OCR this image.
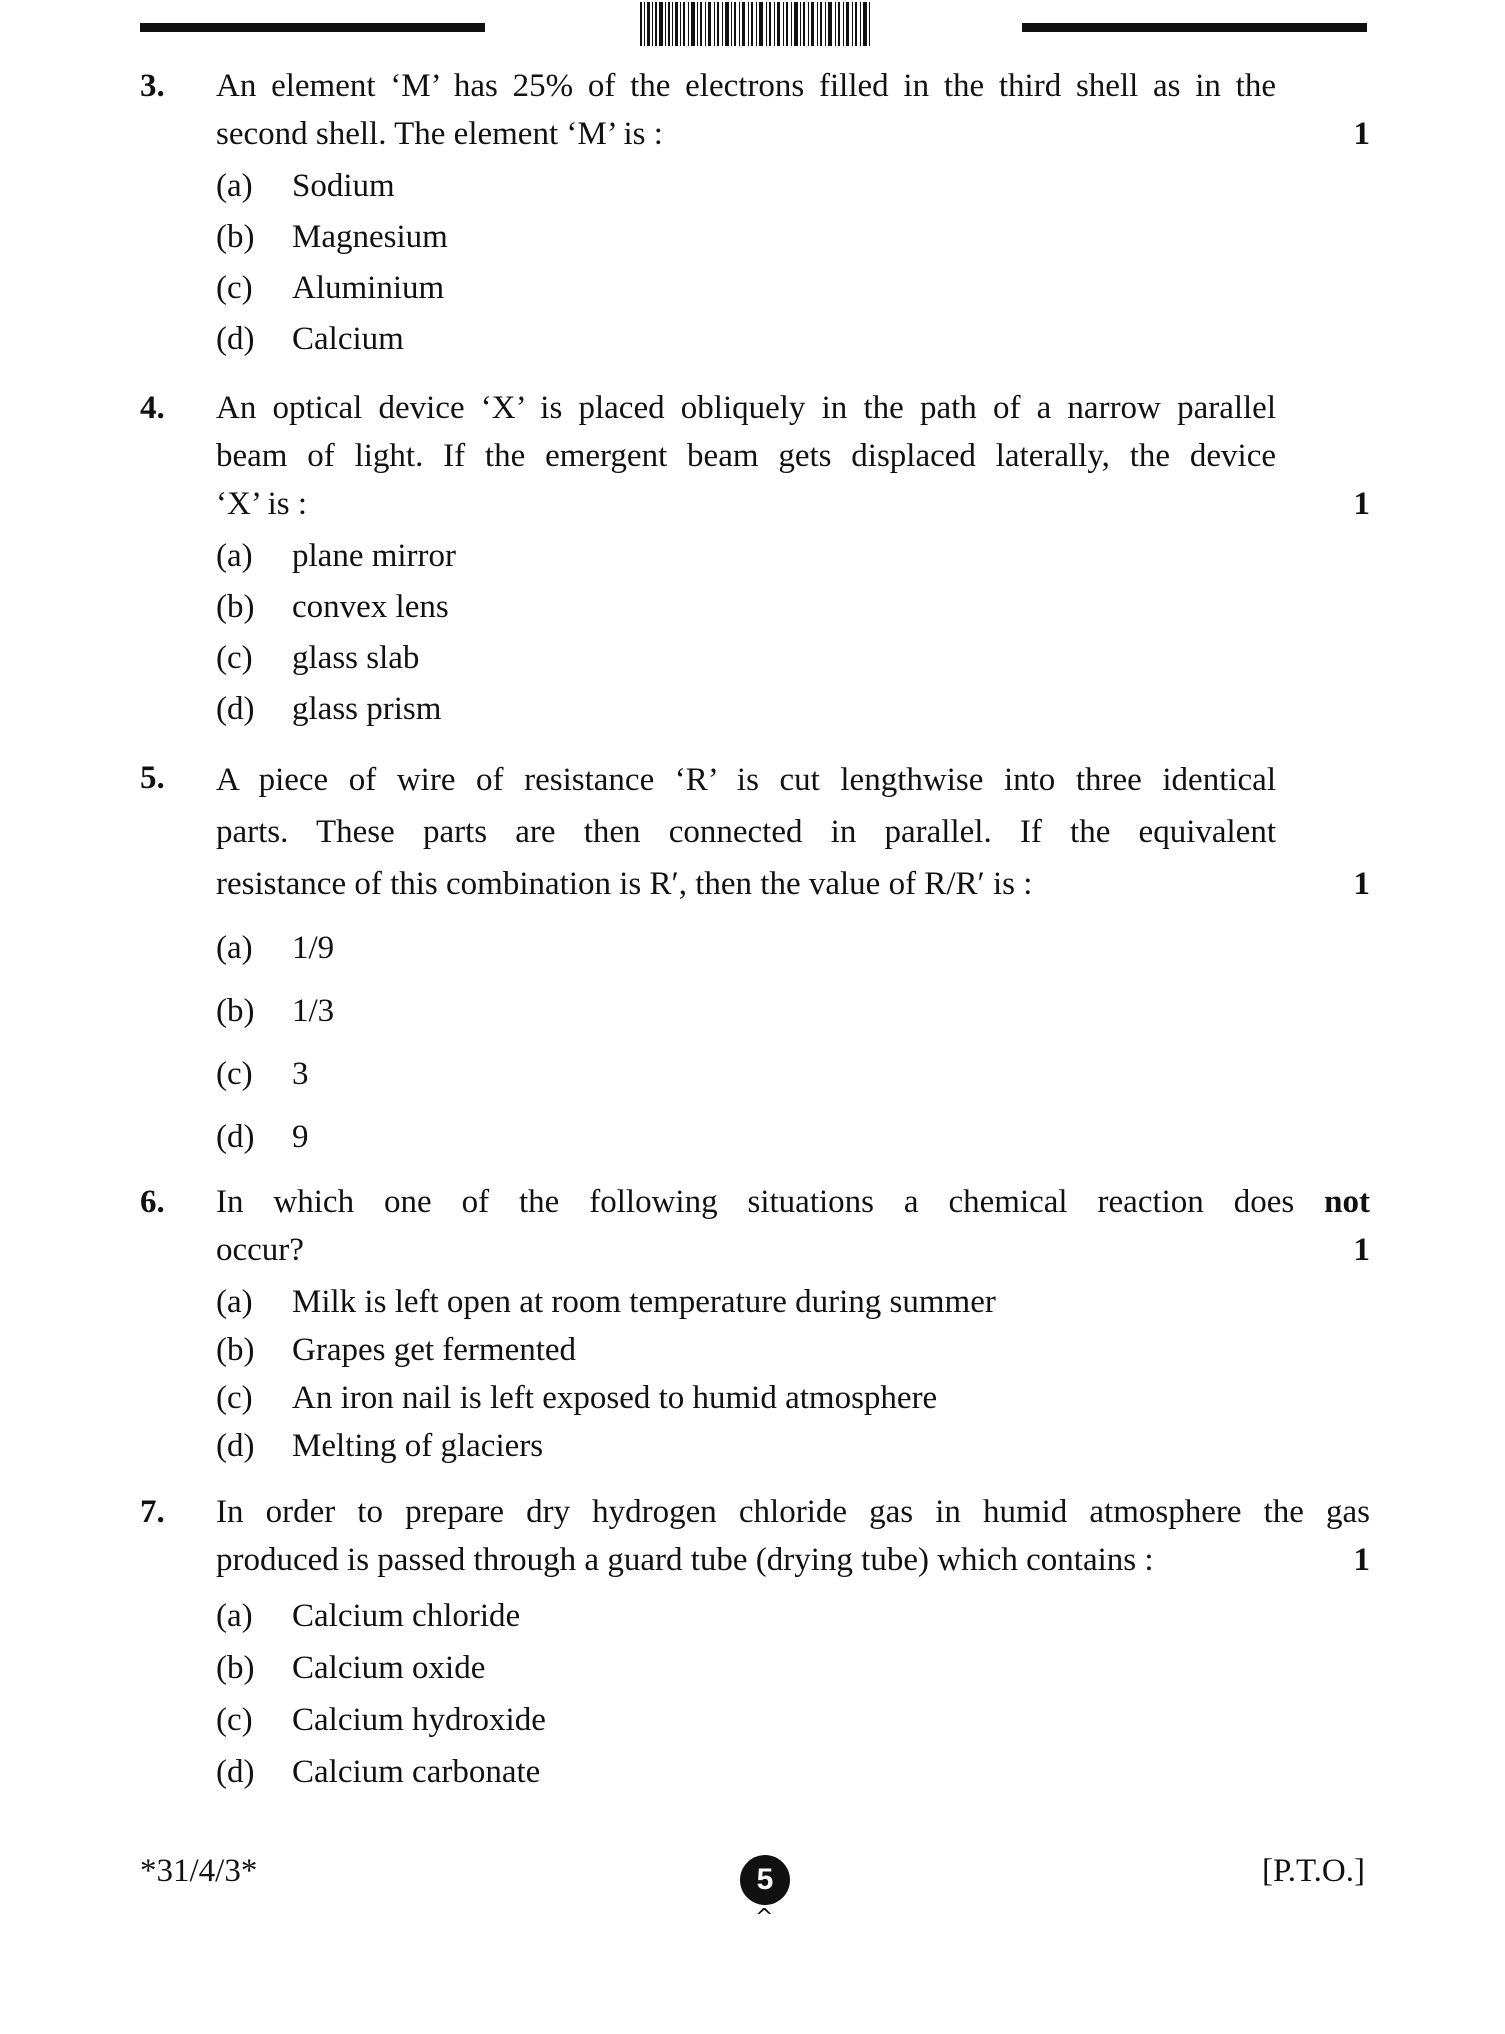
3. An element ‘M’ has 25% of the electrons filled in the third shell as in the
second shell. The element ‘M’ is :	1
(a) Sodium
(b) Magnesium
(c) Aluminium
(d) Calcium
4. An optical device ‘X’ is placed obliquely in the path of a narrow parallel
beam of light. If the emergent beam gets displaced laterally, the device
‘X’ is :	1
(a) plane mirror
(b) convex lens
(c) glass slab
(d) glass prism
5. A piece of wire of resistance ‘R’ is cut lengthwise into three identical
parts. These parts are then connected in parallel. If the equivalent
resistance of this combination is R′, then the value of R/R′ is :	1
(a) 1/9
(b) 1/3
(c) 3
(d) 9
6. In which one of the following situations a chemical reaction does not
occur?	1
(a) Milk is left open at room temperature during summer
(b) Grapes get fermented
(c) An iron nail is left exposed to humid atmosphere
(d) Melting of glaciers
7. In order to prepare dry hydrogen chloride gas in humid atmosphere the gas
produced is passed through a guard tube (drying tube) which contains :	1
(a) Calcium chloride
(b) Calcium oxide
(c) Calcium hydroxide
(d) Calcium carbonate
*31/4/3*	5
^
[P.T.O.]
